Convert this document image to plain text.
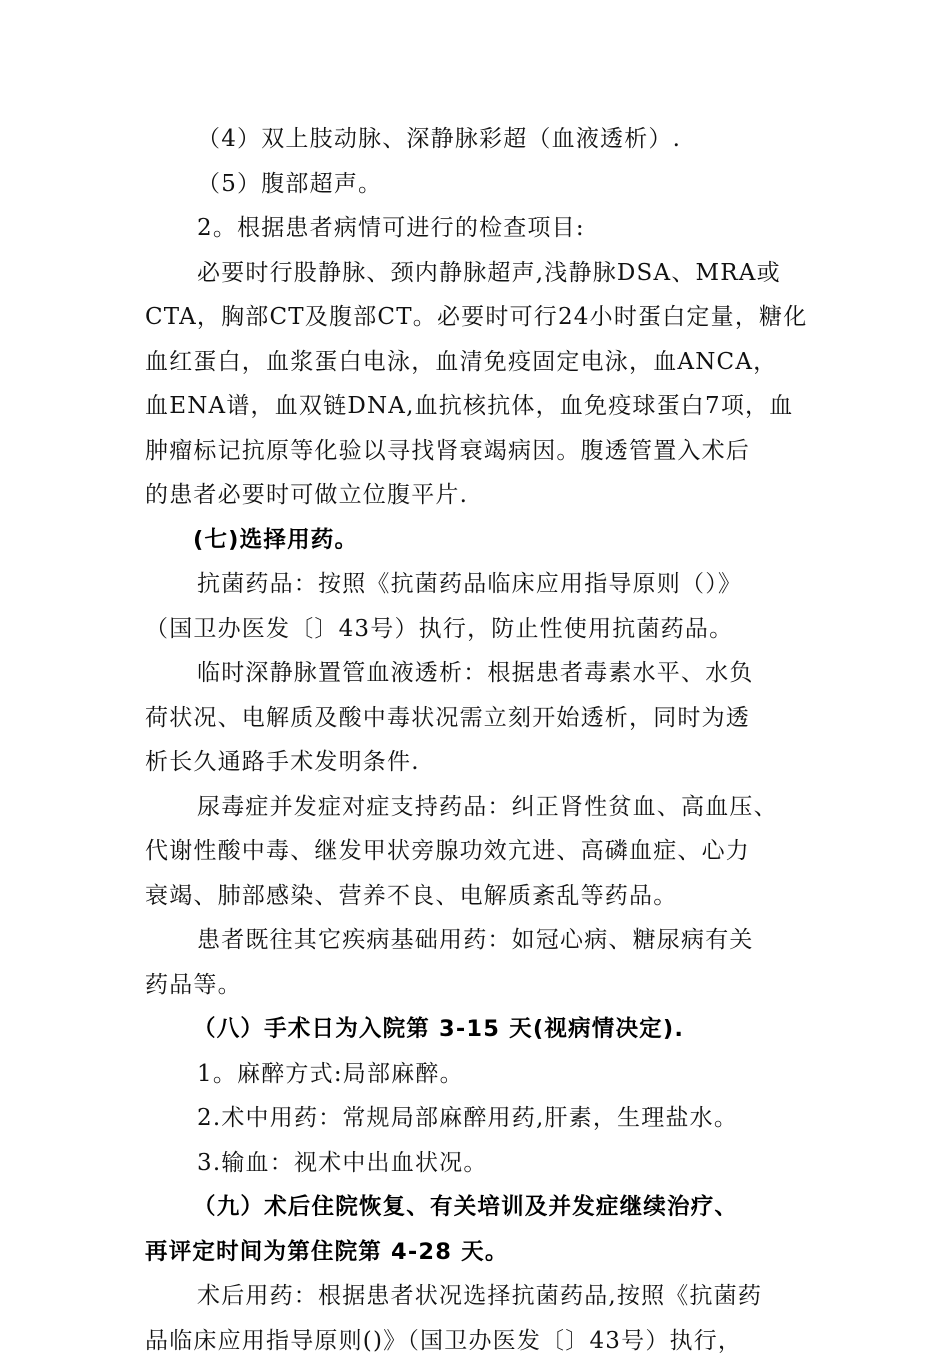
（4）双上肢动脉、深静脉彩超（血液透析）.

（5）腹部超声。

2。根据患者病情可进行的检查项目:

必要时行股静脉、颈内静脉超声,浅静脉DSA、MRA或

CTA，胸部CT及腹部CT。必要时可行24小时蛋白定量，糖化

血红蛋白，血浆蛋白电泳，血清免疫固定电泳，血ANCA，

血ENA谱，血双链DNA,血抗核抗体，血免疫球蛋白7项，血

肿瘤标记抗原等化验以寻找肾衰竭病因。腹透管置入术后

的患者必要时可做立位腹平片.

(七)选择用药。

抗菌药品：按照《抗菌药品临床应用指导原则（）》

（国卫办医发〔〕43号）执行，防止性使用抗菌药品。

临时深静脉置管血液透析：根据患者毒素水平、水负

荷状况、电解质及酸中毒状况需立刻开始透析，同时为透

析长久通路手术发明条件.

尿毒症并发症对症支持药品：纠正肾性贫血、高血压、

代谢性酸中毒、继发甲状旁腺功效亢进、高磷血症、心力

衰竭、肺部感染、营养不良、电解质紊乱等药品。

患者既往其它疾病基础用药：如冠心病、糖尿病有关

药品等。

（八）手术日为入院第 3-15 天(视病情决定).

1。麻醉方式:局部麻醉。

2.术中用药：常规局部麻醉用药,肝素，生理盐水。

3.输血：视术中出血状况。

（九）术后住院恢复、有关培训及并发症继续治疗、

再评定时间为第住院第 4-28 天。

术后用药：根据患者状况选择抗菌药品,按照《抗菌药

品临床应用指导原则()》（国卫办医发〔〕43号）执行，
